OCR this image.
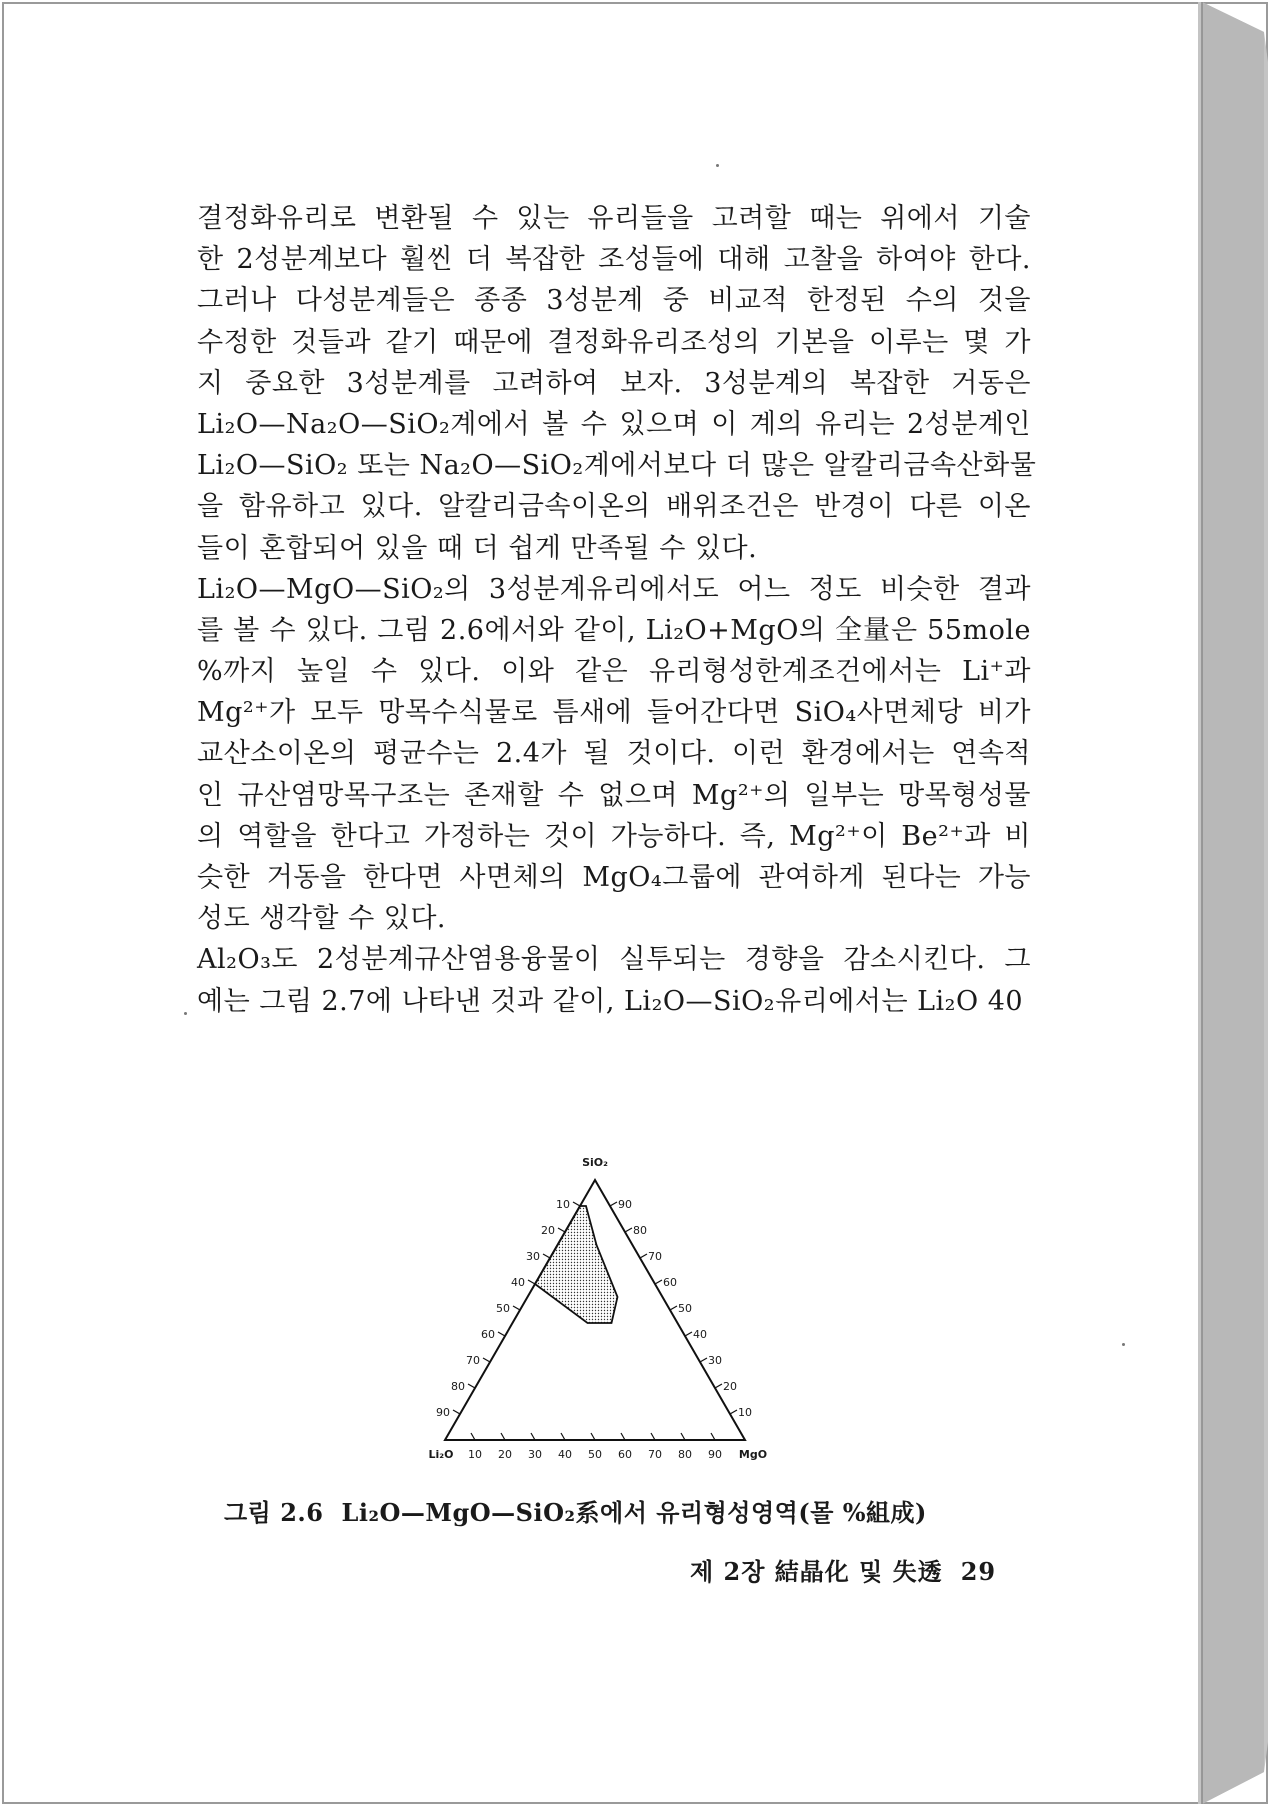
결정화유리로 변환될 수 있는 유리들을 고려할 때는 위에서 기술
한 2성분계보다 훨씬 더 복잡한 조성들에 대해 고찰을 하여야 한다.
그러나 다성분계들은 종종 3성분계 중 비교적 한정된 수의 것을
수정한 것들과 같기 때문에 결정화유리조성의 기본을 이루는 몇 가
지 중요한 3성분계를 고려하여 보자. 3성분계의 복잡한 거동은
Li₂O—Na₂O—SiO₂계에서 볼 수 있으며 이 계의 유리는 2성분계인
Li₂O—SiO₂ 또는 Na₂O—SiO₂계에서보다 더 많은 알칼리금속산화물
을 함유하고 있다. 알칼리금속이온의 배위조건은 반경이 다른 이온
들이 혼합되어 있을 때 더 쉽게 만족될 수 있다.
Li₂O—MgO—SiO₂의 3성분계유리에서도 어느 정도 비슷한 결과
를 볼 수 있다. 그림 2.6에서와 같이, Li₂O+MgO의 全量은 55mole
%까지 높일 수 있다. 이와 같은 유리형성한계조건에서는 Li⁺과
Mg²⁺가 모두 망목수식물로 틈새에 들어간다면 SiO₄사면체당 비가
교산소이온의 평균수는 2.4가 될 것이다. 이런 환경에서는 연속적
인 규산염망목구조는 존재할 수 없으며 Mg²⁺의 일부는 망목형성물
의 역할을 한다고 가정하는 것이 가능하다. 즉, Mg²⁺이 Be²⁺과 비
슷한 거동을 한다면 사면체의 MgO₄그룹에 관여하게 된다는 가능
성도 생각할 수 있다.
Al₂O₃도 2성분계규산염용융물이 실투되는 경향을 감소시킨다. 그
예는 그림 2.7에 나타낸 것과 같이, Li₂O—SiO₂유리에서는 Li₂O 40
10
20
30
40
50
60
70
80
90
90
80
70
60
50
40
30
20
10
10 20 30 40 50 60 70 80 90
SiO₂
Li₂O	MgO
그림 2.6 Li₂O—MgO—SiO₂系에서 유리형성영역(몰 %組成)
제 2장 結晶化 및 失透 29
